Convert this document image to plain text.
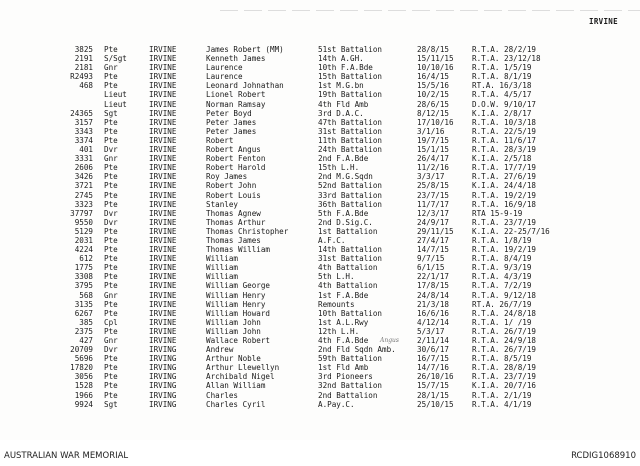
IRVINE
3825 Pte	IRVINE	James Robert (MM)	51st Battalion	28/8/15	R.T.A. 28/2/19
2191 S/Sgt	IRVINE	Kenneth James	14th A.GH.	15/11/15 R.T.A. 23/12/18
2181 Gnr	IRVINE	Laurence	10th F.A.Bde	10/10/16 R.T.A. 1/5/19
R2493 Pte	IRVINE	Laurence	15th Battalion	16/4/15	R.T.A. 8/1/19
468 Pte	IRVINE	Leonard Johnathan	1st M.G.bn	15/5/16	RT.A. 16/3/18
Lieut	IRVINE	Lionel Robert	19th Battalion	10/2/15	R.T.A. 4/5/17
Lieut	IRVINE	Norman Ramsay	4th Fld Amb	28/6/15	D.O.W. 9/10/17
24365 Sgt	IRVINE	Peter Boyd	3rd D.A.C.	8/12/15	K.I.A. 2/8/17
3157 Pte	IRVINE	Peter James	47th Battalion	17/10/16 R.T.A. 10/3/18
3343 Pte	IRVINE	Peter James	31st Battalion	3/1/16	R.T.A. 22/5/19
3374 Pte	IRVINE	Robert	11th Battalion	19/7/15	R.T.A. 11/6/17
401 Dvr	IRVINE	Robert Angus	24th Battalion	15/1/15	R.T.A. 28/3/19
3331 Gnr	IRVINE	Robert Fenton	2nd F.A.Bde	26/4/17	K.I.A. 2/5/18
2606 Pte	IRVINE	Robert Harold	15th L.H.	11/2/16	R.T.A. 17/7/19
3426 Pte	IRVINE	Roy James	2nd M.G.Sqdn	3/3/17	R.T.A. 27/6/19
3721 Pte	IRVINE	Robert John	52nd Battalion	25/8/15	K.I.A. 24/4/18
2745 Pte	IRVINE	Robert Louis	33rd Battalion	23/7/15	R.T.A. 19/2/19
3323 Pte	IRVINE	Stanley	36th Battalion	11/7/17	R.T.A. 16/9/18
37797 Dvr	IRVINE	Thomas Agnew	5th F.A.Bde	12/3/17	RTA 15-9-19
9550 Dvr	IRVINE	Thomas Arthur	2nd D.Sig.C.	24/9/17	R.T.A. 23/7/19
5129 Pte	IRVINE	Thomas Christopher	1st Battalion	29/11/15 K.I.A. 22-25/7/16
2031 Pte	IRVINE	Thomas James	A.F.C.	27/4/17	R.T.A. 1/8/19
4224 Pte	IRVINE	Thomas William	14th Battalion	14/7/15	R.T.A. 19/2/19
612 Pte	IRVINE	William	31st Battalion	9/7/15	R.T.A. 8/4/19
1775 Pte	IRVINE	William	4th Battalion	6/1/15	R.T.A. 9/3/19
3308 Pte	IRVINE	William	5th L.H.	22/1/17	R.T.A. 4/3/19
3795 Pte	IRVINE	William George	4th Battalion	17/8/15	R.T.A. 7/2/19
568 Gnr	IRVINE	William Henry	1st F.A.Bde	24/8/14	R.T.A. 9/12/18
3135 Pte	IRVINE	William Henry	Remounts	21/3/18	RT.A. 26/7/19
6267 Pte	IRVINE	William Howard	10th Battalion	16/6/16	R.T.A. 24/8/18
385 Cpl	IRVINE	William John	1st A.L.Rwy	4/12/14	R.T.A. 1/ /19
2375 Pte	IRVINE	William John	12th L.H.	5/3/17	R.T.A. 26/7/19
427 Gnr	IRVINE	Wallace Robert	4th F.A.Bde	2/11/14	R.T.A. 24/9/18
Angus
20709 Dvr	IRVING	Andrew	2nd Fld Sqdn Amb.	30/6/17	R.T.A. 26/7/19
5696 Pte	IRVING	Arthur Noble	59th Battalion	16/7/15	R.T.A. 8/5/19
17820 Pte	IRVING	Arthur Llewellyn	1st Fld Amb	14/7/16	R.T.A. 28/8/19
3056 Pte	IRVING	Archibald Nigel	3rd Pioneers	26/10/16 R.T.A. 23/7/19
1528 Pte	IRVING	Allan William	32nd Battalion	15/7/15	K.I.A. 20/7/16
1966 Pte	IRVING	Charles	2nd Battalion	28/1/15	R.T.A. 2/1/19
9924 Sgt	IRVING	Charles Cyril	A.Pay.C.	25/10/15 R.T.A. 4/1/19
AUSTRALIAN WAR MEMORIAL	RCDIG1068910
